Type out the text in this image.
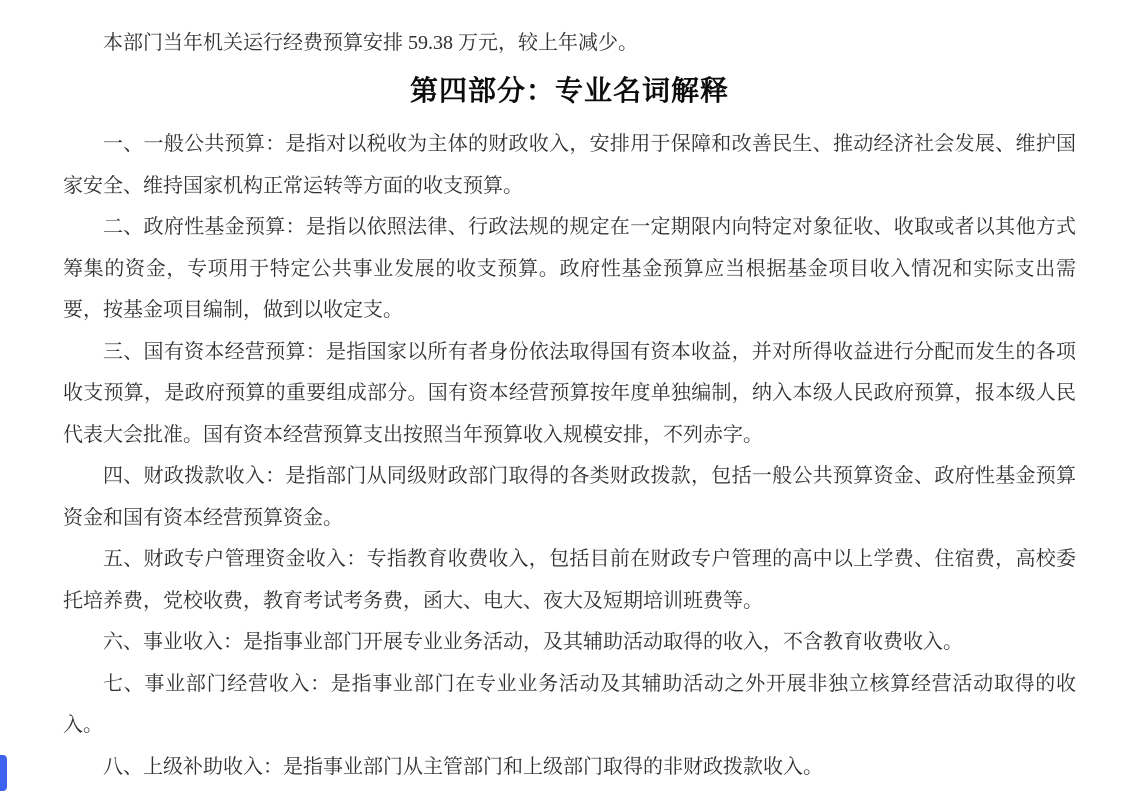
本部门当年机关运行经费预算安排 59.38 万元，较上年减少。

第四部分：专业名词解释

一、一般公共预算：是指对以税收为主体的财政收入，安排用于保障和改善民生、推动经济社会发展、维护国家安全、维持国家机构正常运转等方面的收支预算。

二、政府性基金预算：是指以依照法律、行政法规的规定在一定期限内向特定对象征收、收取或者以其他方式筹集的资金，专项用于特定公共事业发展的收支预算。政府性基金预算应当根据基金项目收入情况和实际支出需要，按基金项目编制，做到以收定支。

三、国有资本经营预算：是指国家以所有者身份依法取得国有资本收益，并对所得收益进行分配而发生的各项收支预算，是政府预算的重要组成部分。国有资本经营预算按年度单独编制，纳入本级人民政府预算，报本级人民代表大会批准。国有资本经营预算支出按照当年预算收入规模安排，不列赤字。

四、财政拨款收入：是指部门从同级财政部门取得的各类财政拨款，包括一般公共预算资金、政府性基金预算资金和国有资本经营预算资金。

五、财政专户管理资金收入：专指教育收费收入，包括目前在财政专户管理的高中以上学费、住宿费，高校委托培养费，党校收费，教育考试考务费，函大、电大、夜大及短期培训班费等。

六、事业收入：是指事业部门开展专业业务活动，及其辅助活动取得的收入，不含教育收费收入。

七、事业部门经营收入：是指事业部门在专业业务活动及其辅助活动之外开展非独立核算经营活动取得的收入。

八、上级补助收入：是指事业部门从主管部门和上级部门取得的非财政拨款收入。
